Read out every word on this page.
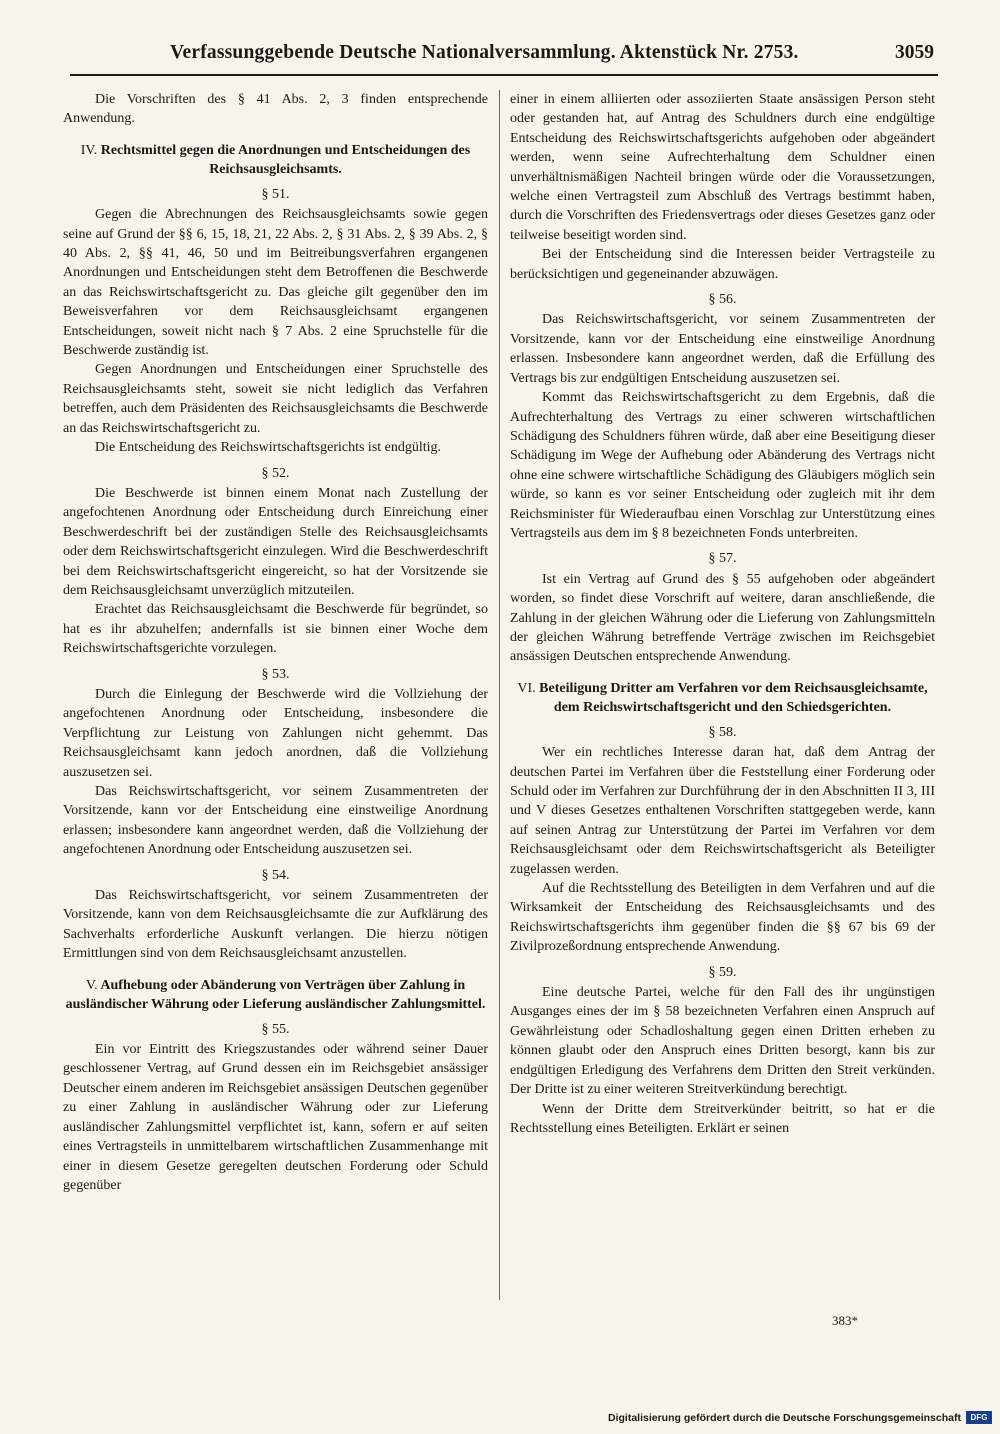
Verfassunggebende Deutsche Nationalversammlung. Aktenstück Nr. 2753.	3059

Die Vorschriften des § 41 Abs. 2, 3 finden entsprechende Anwendung.

IV. Rechtsmittel gegen die Anordnungen und Entscheidungen des Reichsausgleichsamts.
§ 51.

Gegen die Abrechnungen des Reichsausgleichsamts sowie gegen seine auf Grund der §§ 6, 15, 18, 21, 22 Abs. 2, § 31 Abs. 2, § 39 Abs. 2, § 40 Abs. 2, §§ 41, 46, 50 und im Beitreibungsverfahren ergangenen Anordnungen und Entscheidungen steht dem Betroffenen die Beschwerde an das Reichswirtschaftsgericht zu. Das gleiche gilt gegenüber den im Beweisverfahren vor dem Reichsausgleichsamt ergangenen Entscheidungen, soweit nicht nach § 7 Abs. 2 eine Spruchstelle für die Beschwerde zuständig ist.

Gegen Anordnungen und Entscheidungen einer Spruchstelle des Reichsausgleichsamts steht, soweit sie nicht lediglich das Verfahren betreffen, auch dem Präsidenten des Reichsausgleichsamts die Beschwerde an das Reichswirtschaftsgericht zu.

Die Entscheidung des Reichswirtschaftsgerichts ist endgültig.

§ 52.

Die Beschwerde ist binnen einem Monat nach Zustellung der angefochtenen Anordnung oder Entscheidung durch Einreichung einer Beschwerdeschrift bei der zuständigen Stelle des Reichsausgleichsamts oder dem Reichswirtschaftsgericht einzulegen. Wird die Beschwerdeschrift bei dem Reichswirtschaftsgericht eingereicht, so hat der Vorsitzende sie dem Reichsausgleichsamt unverzüglich mitzuteilen.

Erachtet das Reichsausgleichsamt die Beschwerde für begründet, so hat es ihr abzuhelfen; andernfalls ist sie binnen einer Woche dem Reichswirtschaftsgerichte vorzulegen.

§ 53.

Durch die Einlegung der Beschwerde wird die Vollziehung der angefochtenen Anordnung oder Entscheidung, insbesondere die Verpflichtung zur Leistung von Zahlungen nicht gehemmt. Das Reichsausgleichsamt kann jedoch anordnen, daß die Vollziehung auszusetzen sei.

Das Reichswirtschaftsgericht, vor seinem Zusammentreten der Vorsitzende, kann vor der Entscheidung eine einstweilige Anordnung erlassen; insbesondere kann angeordnet werden, daß die Vollziehung der angefochtenen Anordnung oder Entscheidung auszusetzen sei.

§ 54.

Das Reichswirtschaftsgericht, vor seinem Zusammentreten der Vorsitzende, kann von dem Reichsausgleichsamte die zur Aufklärung des Sachverhalts erforderliche Auskunft verlangen. Die hierzu nötigen Ermittlungen sind von dem Reichsausgleichsamt anzustellen.

V. Aufhebung oder Abänderung von Verträgen über Zahlung in ausländischer Währung oder Lieferung ausländischer Zahlungsmittel.
§ 55.

Ein vor Eintritt des Kriegszustandes oder während seiner Dauer geschlossener Vertrag, auf Grund dessen ein im Reichsgebiet ansässiger Deutscher einem anderen im Reichsgebiet ansässigen Deutschen gegenüber zu einer Zahlung in ausländischer Währung oder zur Lieferung ausländischer Zahlungsmittel verpflichtet ist, kann, sofern er auf seiten eines Vertragsteils in unmittelbarem wirtschaftlichen Zusammenhange mit einer in diesem Gesetze geregelten deutschen Forderung oder Schuld gegenüber

einer in einem alliierten oder assoziierten Staate ansässigen Person steht oder gestanden hat, auf Antrag des Schuldners durch eine endgültige Entscheidung des Reichswirtschaftsgerichts aufgehoben oder abgeändert werden, wenn seine Aufrechterhaltung dem Schuldner einen unverhältnismäßigen Nachteil bringen würde oder die Voraussetzungen, welche einen Vertragsteil zum Abschluß des Vertrags bestimmt haben, durch die Vorschriften des Friedensvertrags oder dieses Gesetzes ganz oder teilweise beseitigt worden sind.

Bei der Entscheidung sind die Interessen beider Vertragsteile zu berücksichtigen und gegeneinander abzuwägen.

§ 56.

Das Reichswirtschaftsgericht, vor seinem Zusammentreten der Vorsitzende, kann vor der Entscheidung eine einstweilige Anordnung erlassen. Insbesondere kann angeordnet werden, daß die Erfüllung des Vertrags bis zur endgültigen Entscheidung auszusetzen sei.

Kommt das Reichswirtschaftsgericht zu dem Ergebnis, daß die Aufrechterhaltung des Vertrags zu einer schweren wirtschaftlichen Schädigung des Schuldners führen würde, daß aber eine Beseitigung dieser Schädigung im Wege der Aufhebung oder Abänderung des Vertrags nicht ohne eine schwere wirtschaftliche Schädigung des Gläubigers möglich sein würde, so kann es vor seiner Entscheidung oder zugleich mit ihr dem Reichsminister für Wiederaufbau einen Vorschlag zur Unterstützung eines Vertragsteils aus dem im § 8 bezeichneten Fonds unterbreiten.

§ 57.

Ist ein Vertrag auf Grund des § 55 aufgehoben oder abgeändert worden, so findet diese Vorschrift auf weitere, daran anschließende, die Zahlung in der gleichen Währung oder die Lieferung von Zahlungsmitteln der gleichen Währung betreffende Verträge zwischen im Reichsgebiet ansässigen Deutschen entsprechende Anwendung.

VI. Beteiligung Dritter am Verfahren vor dem Reichsausgleichsamte, dem Reichswirtschaftsgericht und den Schiedsgerichten.
§ 58.

Wer ein rechtliches Interesse daran hat, daß dem Antrag der deutschen Partei im Verfahren über die Feststellung einer Forderung oder Schuld oder im Verfahren zur Durchführung der in den Abschnitten II 3, III und V dieses Gesetzes enthaltenen Vorschriften stattgegeben werde, kann auf seinen Antrag zur Unterstützung der Partei im Verfahren vor dem Reichsausgleichsamt oder dem Reichswirtschaftsgericht als Beteiligter zugelassen werden.

Auf die Rechtsstellung des Beteiligten in dem Verfahren und auf die Wirksamkeit der Entscheidung des Reichsausgleichsamts und des Reichswirtschaftsgerichts ihm gegenüber finden die §§ 67 bis 69 der Zivilprozeßordnung entsprechende Anwendung.

§ 59.

Eine deutsche Partei, welche für den Fall des ihr ungünstigen Ausganges eines der im § 58 bezeichneten Verfahren einen Anspruch auf Gewährleistung oder Schadloshaltung gegen einen Dritten erheben zu können glaubt oder den Anspruch eines Dritten besorgt, kann bis zur endgültigen Erledigung des Verfahrens dem Dritten den Streit verkünden. Der Dritte ist zu einer weiteren Streitverkündung berechtigt.

Wenn der Dritte dem Streitverkünder beitritt, so hat er die Rechtsstellung eines Beteiligten. Erklärt er seinen

383*
Digitalisierung gefördert durch die Deutsche Forschungsgemeinschaft	DFG
